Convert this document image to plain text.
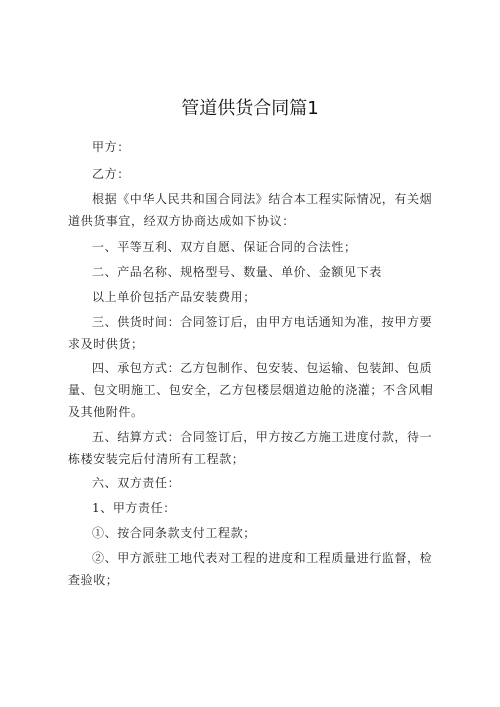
管道供货合同篇1
甲方：
乙方：
根据《中华人民共和国合同法》结合本工程实际情况，有关烟道供货事宜，经双方协商达成如下协议：
一、平等互利、双方自愿、保证合同的合法性；
二、产品名称、规格型号、数量、单价、金额见下表
以上单价包括产品安装费用；
三、供货时间：合同签订后，由甲方电话通知为准，按甲方要求及时供货；
四、承包方式：乙方包制作、包安装、包运输、包装卸、包质量、包文明施工、包安全，乙方包楼层烟道边舱的浇灌；不含风帽及其他附件。
五、结算方式：合同签订后，甲方按乙方施工进度付款，待一栋楼安装完后付清所有工程款；
六、双方责任：
1、甲方责任：
①、按合同条款支付工程款；
②、甲方派驻工地代表对工程的进度和工程质量进行监督，检查验收；
